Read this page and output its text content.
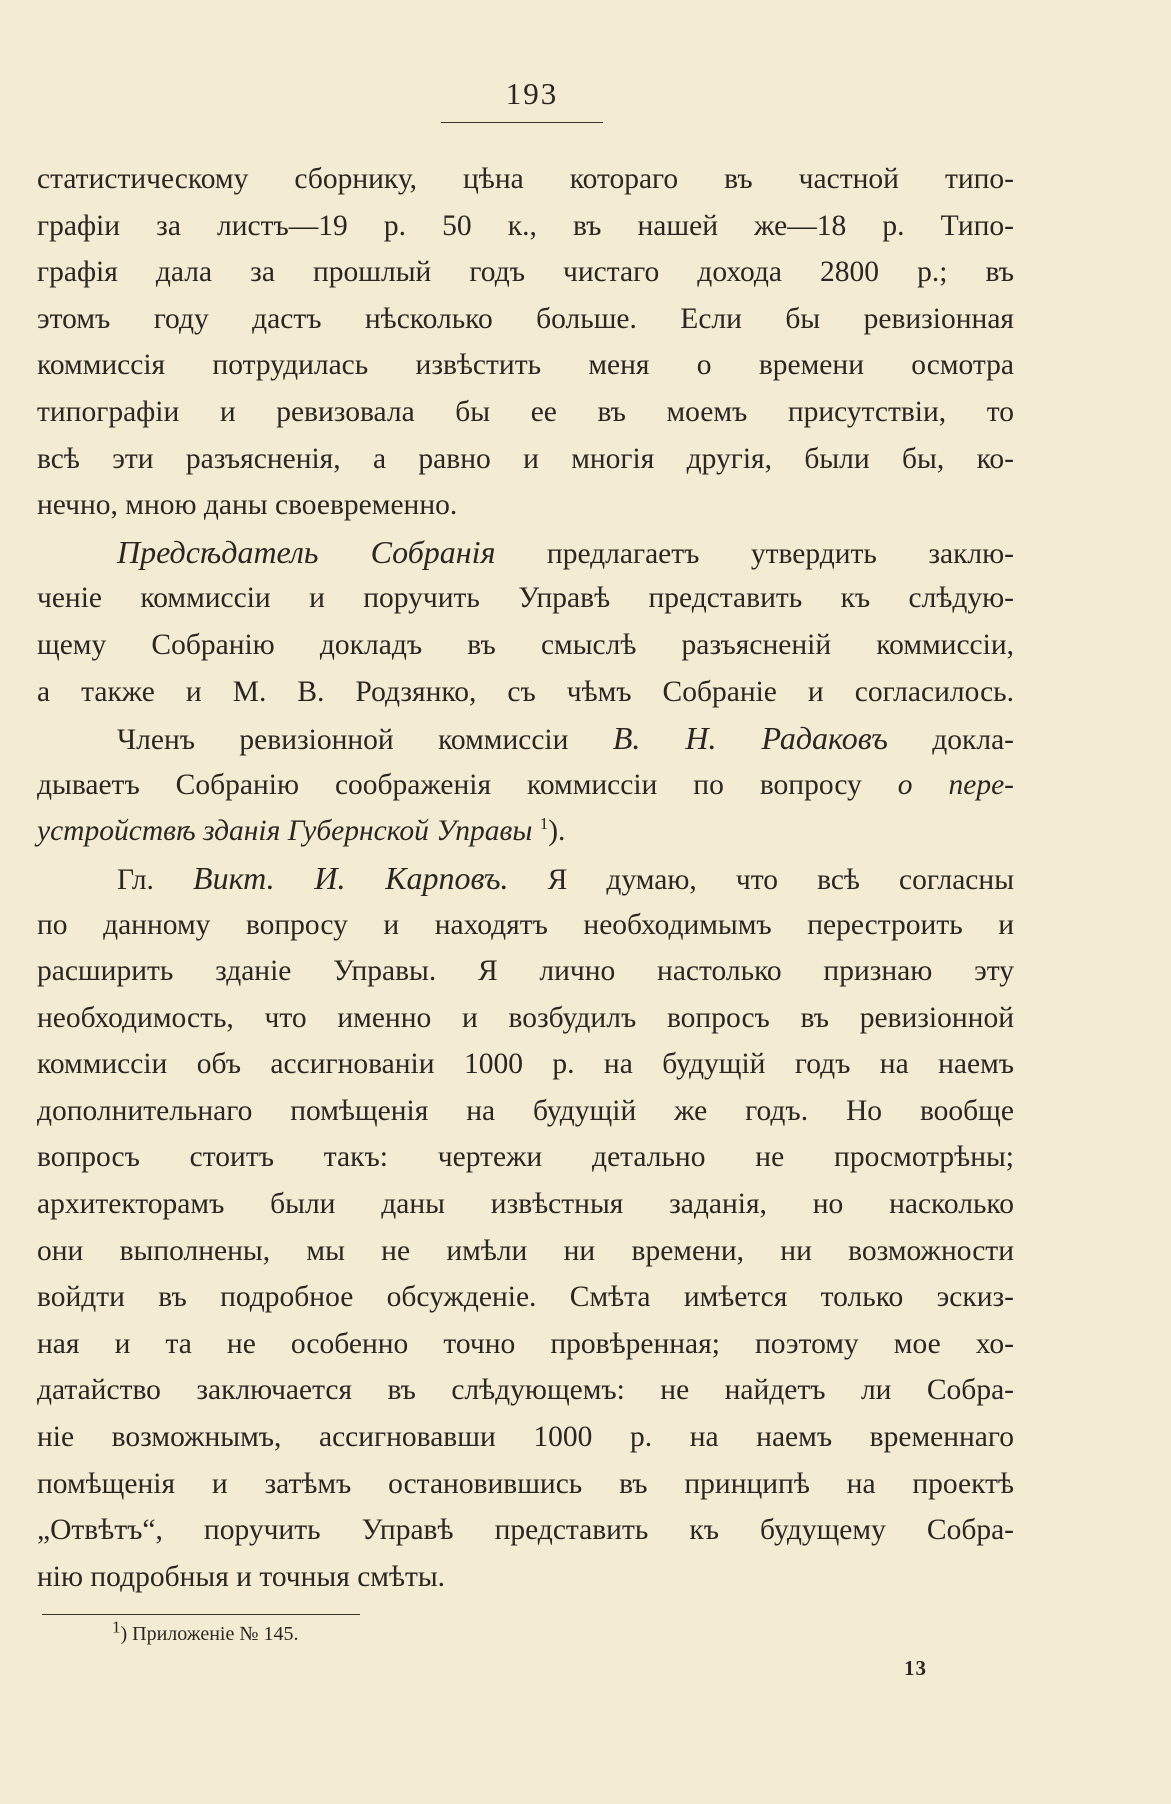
193
статистическому сборнику, цѣна котораго въ частной типо-
графіи за листъ—19 р. 50 к., въ нашей же—18 р. Типо-
графія дала за прошлый годъ чистаго дохода 2800 р.; въ
этомъ году дастъ нѣсколько больше. Если бы ревизіонная
коммиссія потрудилась извѣстить меня о времени осмотра
типографіи и ревизовала бы ее въ моемъ присутствіи, то
всѣ эти разъясненія, а равно и многія другія, были бы, ко-
нечно, мною даны своевременно.
Предсѣдатель Собранія предлагаетъ утвердить заклю-
ченіе коммиссіи и поручить Управѣ представить къ слѣдую-
щему Собранію докладъ въ смыслѣ разъясненій коммиссіи,
а также и М. В. Родзянко, съ чѣмъ Собраніе и согласилось.
Членъ ревизіонной коммиссіи В. Н. Радаковъ доклa-
дываетъ Собранію соображенія коммиссіи по вопросу о пере-
устройствѣ зданія Губернской Управы $^1$).
Гл. Викт. И. Карповъ. Я думаю, что всѣ согласны
по данному вопросу и находятъ необходимымъ перестроить и
расширить зданіе Управы. Я лично настолько признаю эту
необходимость, что именно и возбудилъ вопросъ въ ревизіонной
коммиссіи объ ассигнованіи 1000 р. на будущій годъ на наемъ
дополнительнаго помѣщенія на будущій же годъ. Но вообще
вопросъ стоитъ такъ: чертежи детально не просмотрѣны;
архитекторамъ были даны извѣстныя заданія, но насколько
они выполнены, мы не имѣли ни времени, ни возможности
войдти въ подробное обсужденіе. Смѣта имѣется только эскиз-
ная и та не особенно точно провѣренная; поэтому мое хо-
датайство заключается въ слѣдующемъ: не найдетъ ли Собра-
ніе возможнымъ, ассигновавши 1000 р. на наемъ временнаго
помѣщенія и затѣмъ остановившись въ принципѣ на проектѣ
„Отвѣтъ“, поручить Управѣ представить къ будущему Собра-
нію подробныя и точныя смѣты.
$^1$) Приложеніе № 145.
13
